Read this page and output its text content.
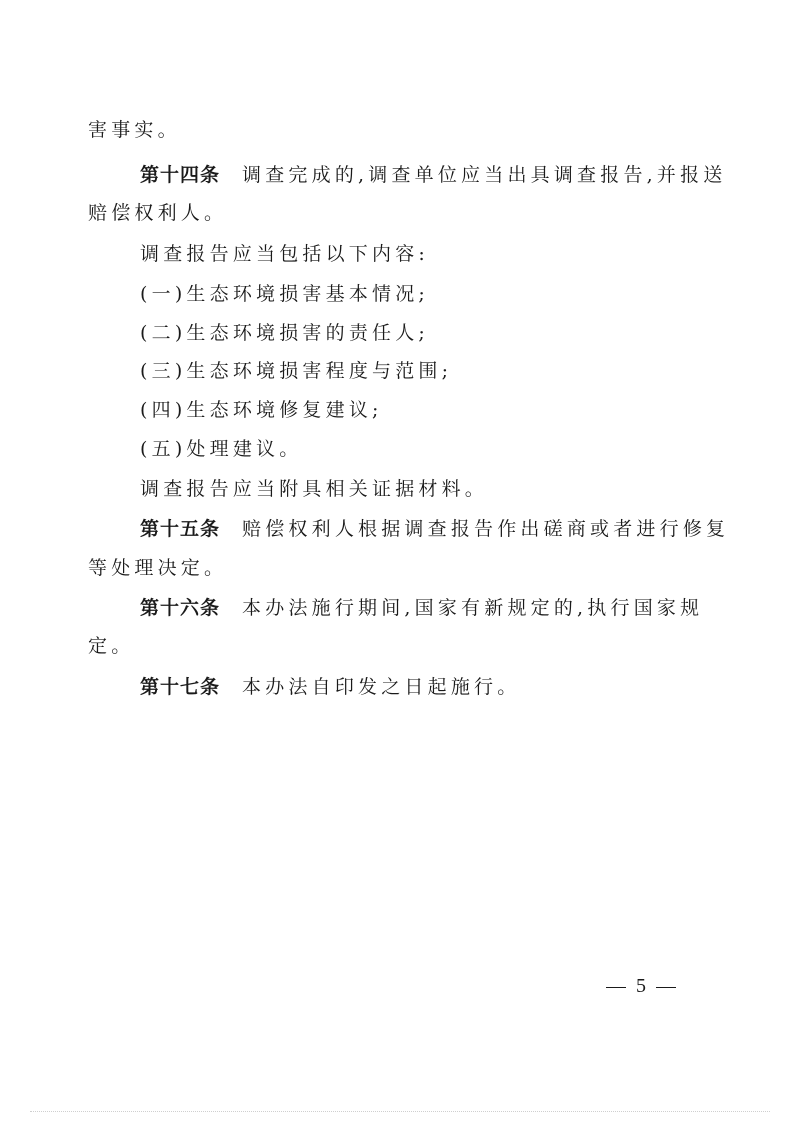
害事实。
第十四条 调查完成的,调查单位应当出具调查报告,并报送
赔偿权利人。
调查报告应当包括以下内容:
(一)生态环境损害基本情况;
(二)生态环境损害的责任人;
(三)生态环境损害程度与范围;
(四)生态环境修复建议;
(五)处理建议。
调查报告应当附具相关证据材料。
第十五条 赔偿权利人根据调查报告作出磋商或者进行修复
等处理决定。
第十六条 本办法施行期间,国家有新规定的,执行国家规
定。
第十七条 本办法自印发之日起施行。
5
